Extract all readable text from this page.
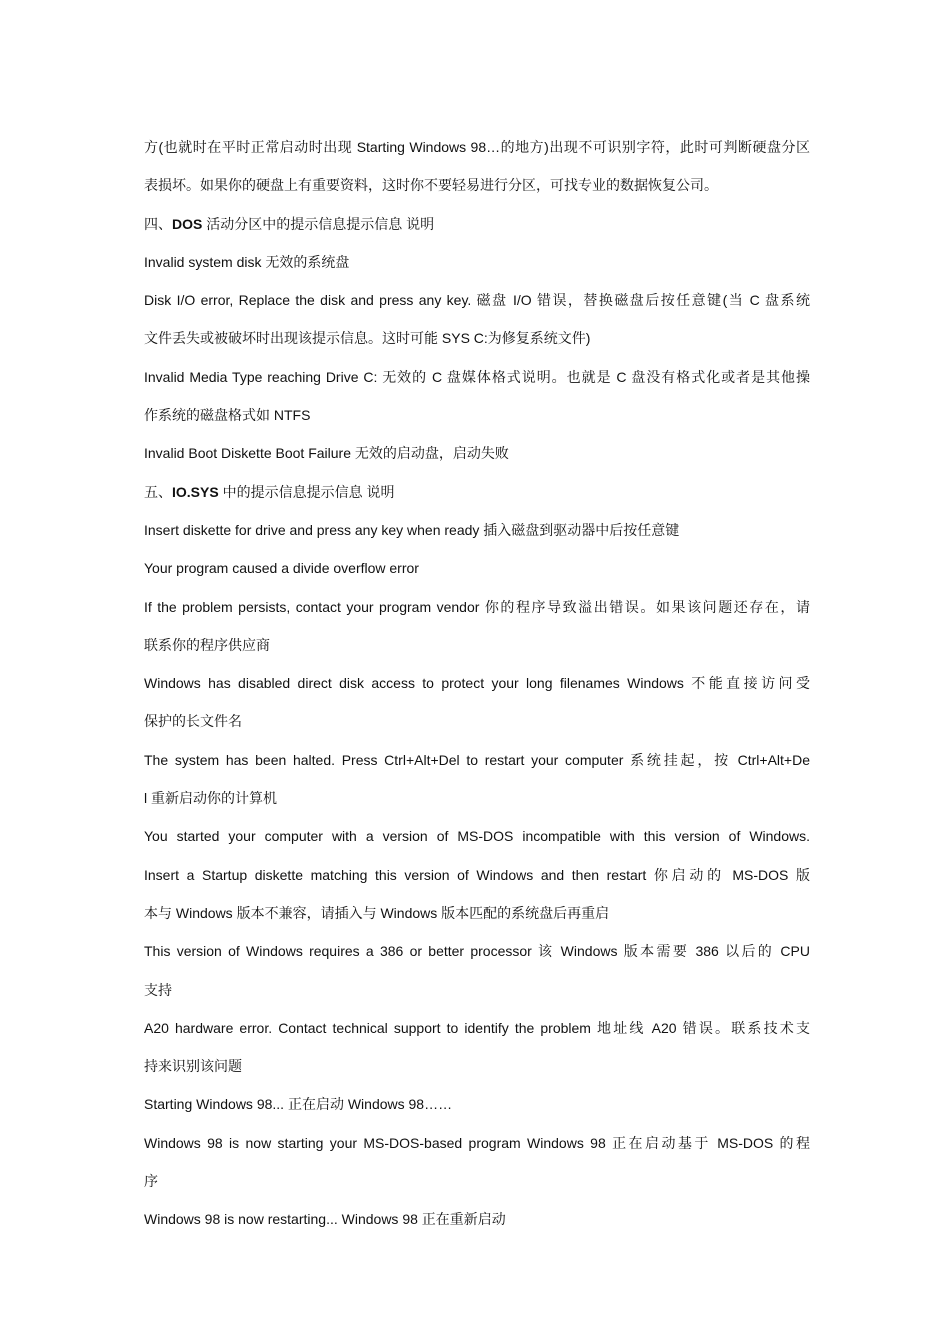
方(也就时在平时正常启动时出现 Starting Windows 98…的地方)出现不可识别字符，此时可判断硬盘分区
表损坏。如果你的硬盘上有重要资料，这时你不要轻易进行分区，可找专业的数据恢复公司。
四、DOS 活动分区中的提示信息提示信息 说明
Invalid system disk 无效的系统盘
Disk I/O error, Replace the disk and press any key. 磁盘 I/O 错误，替换磁盘后按任意键(当 C 盘系统
文件丢失或被破坏时出现该提示信息。这时可能 SYS C:为修复系统文件)
Invalid Media Type reaching Drive C: 无效的 C 盘媒体格式说明。也就是 C 盘没有格式化或者是其他操
作系统的磁盘格式如 NTFS
Invalid Boot Diskette Boot Failure 无效的启动盘，启动失败
五、IO.SYS 中的提示信息提示信息 说明
Insert diskette for drive and press any key when ready 插入磁盘到驱动器中后按任意键
Your program caused a divide overflow error
If the problem persists, contact your program vendor 你的程序导致溢出错误。如果该问题还存在，请
联系你的程序供应商
Windows has disabled direct disk access to protect your long filenames Windows 不能直接访问受
保护的长文件名
The system has been halted. Press Ctrl+Alt+Del to restart your computer 系统挂起，按 Ctrl+Alt+De
l 重新启动你的计算机
You started your computer with a version of MS-DOS incompatible with this version of Windows.
Insert a Startup diskette matching this version of Windows and then restart 你启动的 MS-DOS 版
本与 Windows 版本不兼容，请插入与 Windows 版本匹配的系统盘后再重启
This version of Windows requires a 386 or better processor 该 Windows 版本需要 386 以后的 CPU
支持
A20 hardware error. Contact technical support to identify the problem 地址线 A20 错误。联系技术支
持来识别该问题
Starting Windows 98... 正在启动 Windows 98……
Windows 98 is now starting your MS-DOS-based program Windows 98 正在启动基于 MS-DOS 的程
序
Windows 98 is now restarting... Windows 98 正在重新启动
